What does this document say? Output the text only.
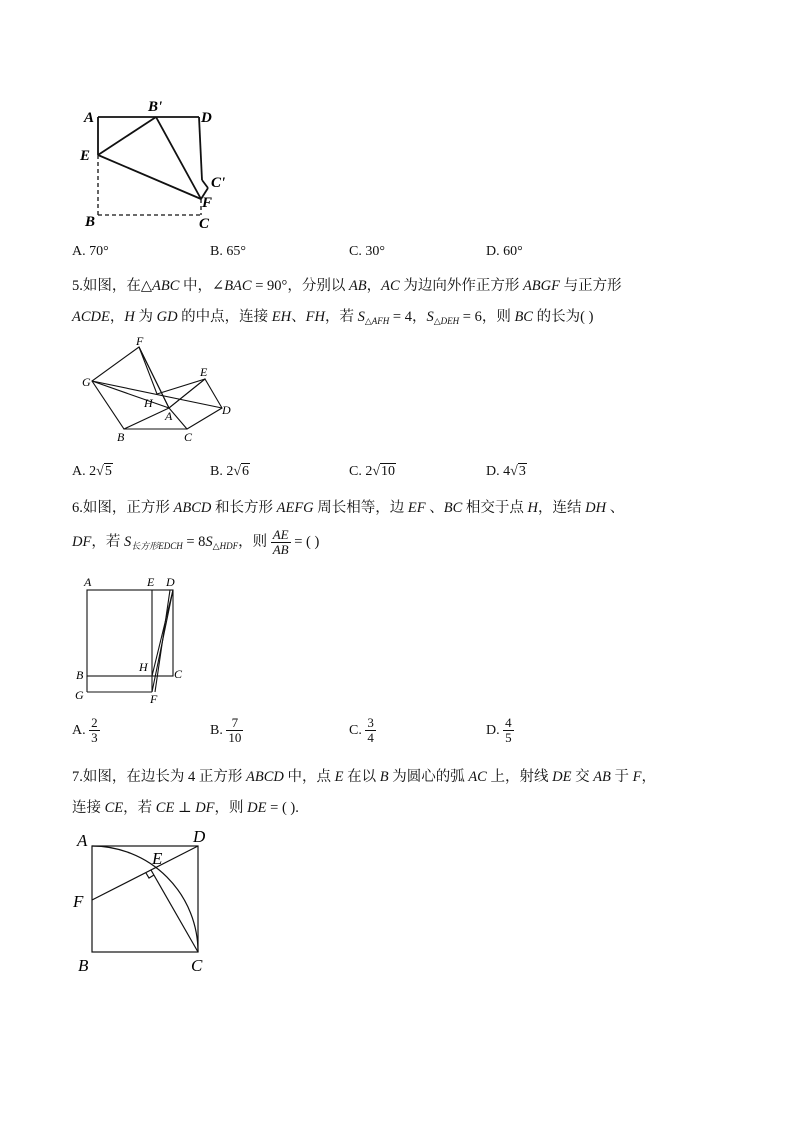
A
B'
D
E
C'
F
B	C
A. 70°	B. 65°	C. 30°	D. 60°
5.如图，在△ABC 中，∠BAC = 90°，分别以 AB，AC 为边向外作正方形 ABGF 与正方形
ACDE，H 为 GD 的中点，连接 EH、FH，若 $S_{\triangle AFH} = 4$，$S_{\triangle DEH} = 6$，则 BC 的长为( )
F
E
G
H
A	D
B	C
A. 2√5	B. 2√6	C. 2√10	D. 4√3
6.如图，正方形 ABCD 和长方形 AEFG 周长相等，边 EF 、BC 相交于点 H，连结 DH 、
DF，若 $S_{长方形EDCH} = 8S_{\triangle HDF}$，则 $\frac{AE}{AB}$ = ( )
A	E D
B
H C
G	F
A. $\frac{2}{3}$	B. $\frac{7}{10}$	C. $\frac{3}{4}$	D. $\frac{4}{5}$
7.如图，在边长为 4 正方形 ABCD 中，点 E 在以 B 为圆心的弧 AC 上，射线 DE 交 AB 于 F，
连接 CE，若 CE ⊥ DF，则 DE = ( ).
A	D
E
F
B	C
